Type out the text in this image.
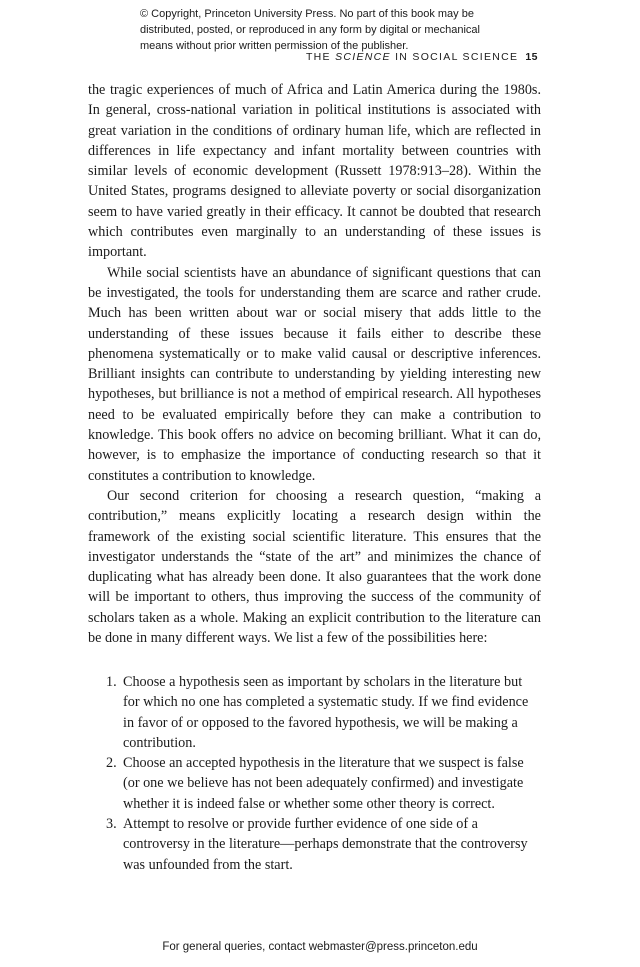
© Copyright, Princeton University Press. No part of this book may be
distributed, posted, or reproduced in any form by digital or mechanical
means without prior written permission of the publisher.
THE SCIENCE IN SOCIAL SCIENCE 15

the tragic experiences of much of Africa and Latin America during the 1980s. In general, cross-national variation in political institutions is associated with great variation in the conditions of ordinary human life, which are reflected in differences in life expectancy and infant mortality between countries with similar levels of economic development (Russett 1978:913–28). Within the United States, programs designed to alleviate poverty or social disorganization seem to have varied greatly in their efficacy. It cannot be doubted that research which contributes even marginally to an understanding of these issues is important.

While social scientists have an abundance of significant questions that can be investigated, the tools for understanding them are scarce and rather crude. Much has been written about war or social misery that adds little to the understanding of these issues because it fails either to describe these phenomena systematically or to make valid causal or descriptive inferences. Brilliant insights can contribute to understanding by yielding interesting new hypotheses, but brilliance is not a method of empirical research. All hypotheses need to be evaluated empirically before they can make a contribution to knowledge. This book offers no advice on becoming brilliant. What it can do, however, is to emphasize the importance of conducting research so that it constitutes a contribution to knowledge.

Our second criterion for choosing a research question, “making a contribution,” means explicitly locating a research design within the framework of the existing social scientific literature. This ensures that the investigator understands the “state of the art” and minimizes the chance of duplicating what has already been done. It also guarantees that the work done will be important to others, thus improving the success of the community of scholars taken as a whole. Making an explicit contribution to the literature can be done in many different ways. We list a few of the possibilities here:

1. Choose a hypothesis seen as important by scholars in the literature but for which no one has completed a systematic study. If we find evidence in favor of or opposed to the favored hypothesis, we will be making a contribution.
2. Choose an accepted hypothesis in the literature that we suspect is false (or one we believe has not been adequately confirmed) and investigate whether it is indeed false or whether some other theory is correct.
3. Attempt to resolve or provide further evidence of one side of a controversy in the literature—perhaps demonstrate that the controversy was unfounded from the start.
For general queries, contact webmaster@press.princeton.edu
